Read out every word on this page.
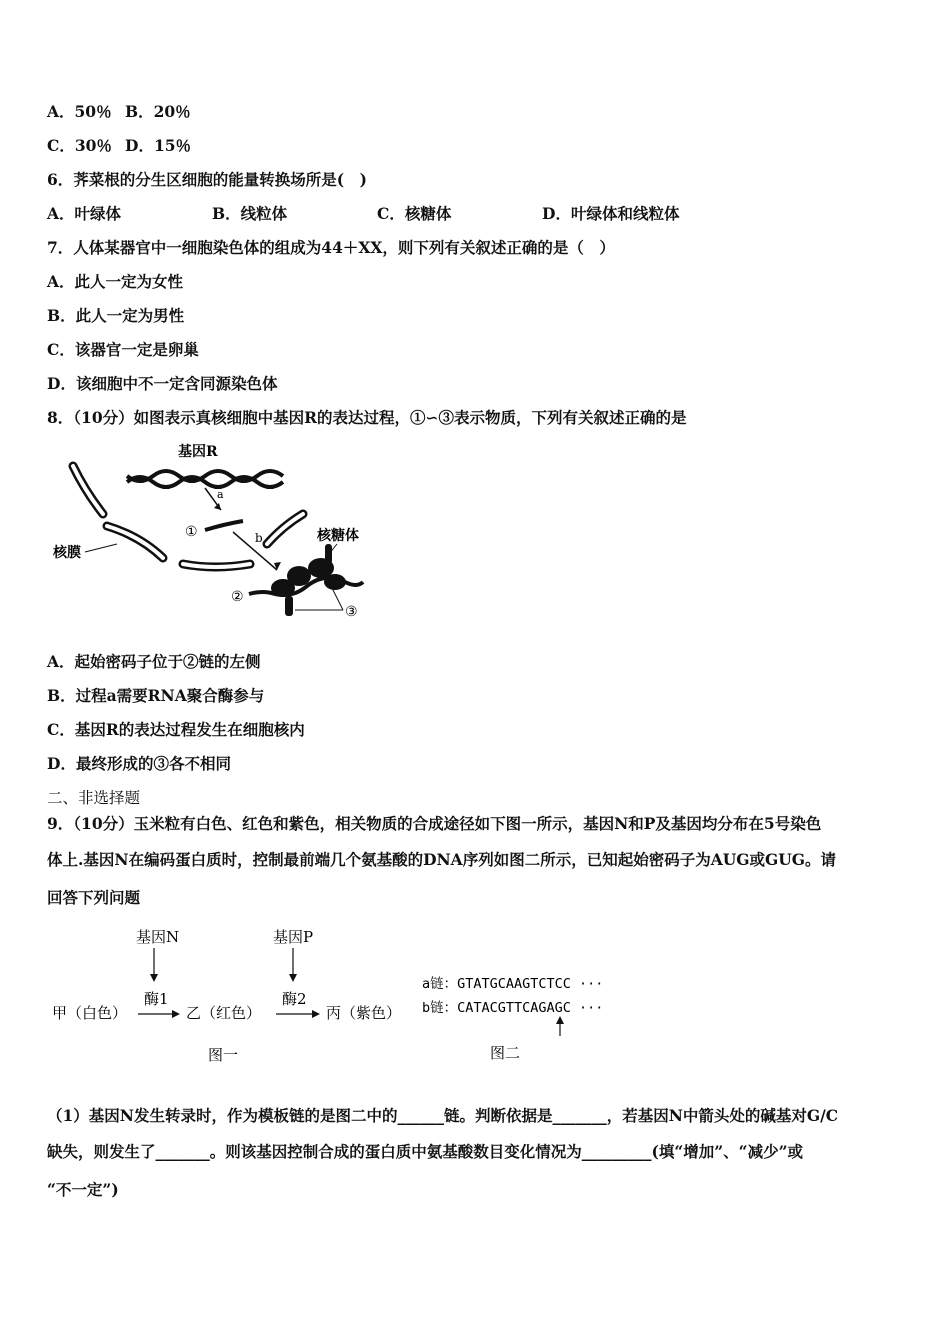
A．50％ B．20％
C．30％ D．15％
6．荠菜根的分生区细胞的能量转换场所是(　)
A．叶绿体	B．线粒体	C．核糖体	D．叶绿体和线粒体
7．人体某器官中一细胞染色体的组成为44＋XX，则下列有关叙述正确的是（　）
A．此人一定为女性
B．此人一定为男性
C．该器官一定是卵巢
D．该细胞中不一定含同源染色体
8．（10分）如图表示真核细胞中基因R的表达过程，①∽③表示物质，下列有关叙述正确的是
基因R
a
①	b
核膜
核糖体
②
③
A．起始密码子位于②链的左侧
B．过程a需要RNA聚合酶参与
C．基因R的表达过程发生在细胞核内
D．最终形成的③各不相同
二、非选择题
9．（10分）玉米粒有白色、红色和紫色，相关物质的合成途径如下图一所示，基因N和P及基因均分布在5号染色
体上.基因N在编码蛋白质时，控制最前端几个氨基酸的DNA序列如图二所示，已知起始密码子为AUG或GUG。请
回答下列问题
基因N	基因P
酶1	酶2
甲（白色）	乙（红色）	丙（紫色）
图一
a链：GTATGCAAGTCTCC ···
b链：CATACGTTCAGAGC ···
图二
（1）基因N发生转录时，作为模板链的是图二中的______链。判断依据是_______，若基因N中箭头处的碱基对G/C
缺失，则发生了_______。则该基因控制合成的蛋白质中氨基酸数目变化情况为_________(填“增加”、“减少”或
“不一定”)
